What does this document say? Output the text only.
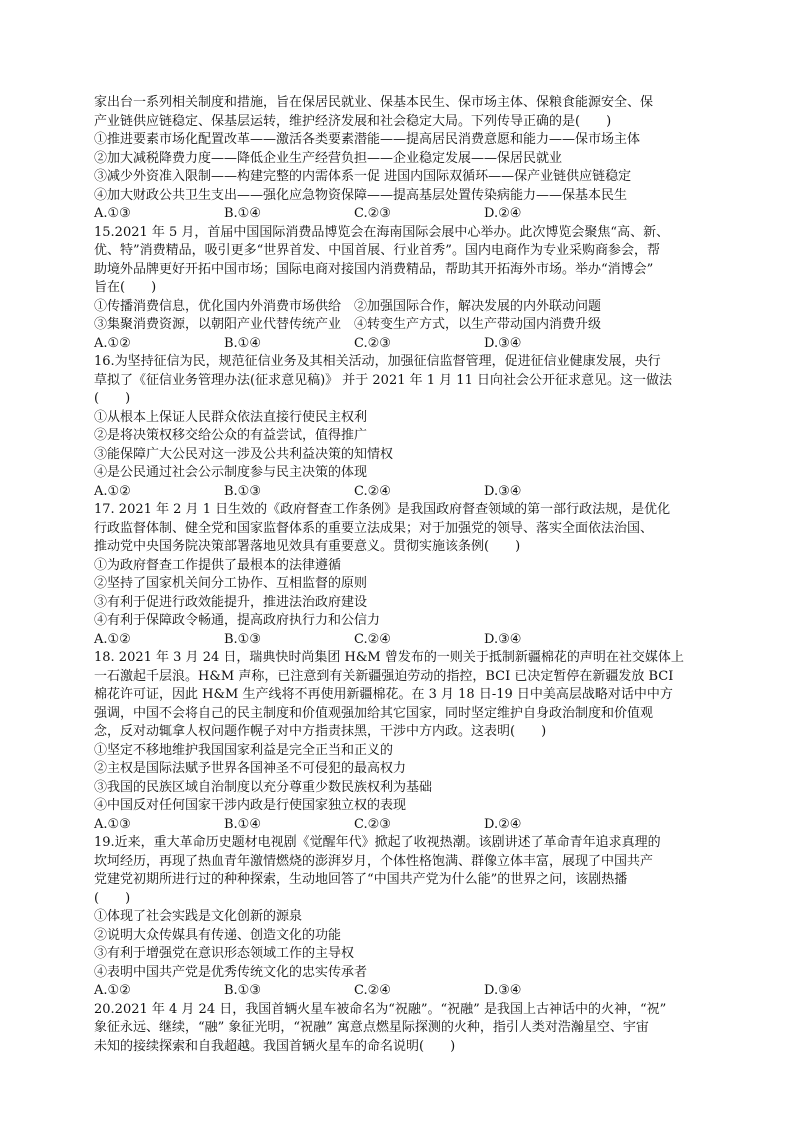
家出台一系列相关制度和措施，旨在保居民就业、保基本民生、保市场主体、保粮食能源安全、保
产业链供应链稳定、保基层运转，维护经济发展和社会稳定大局。下列传导正确的是(　　)
①推进要素市场化配置改革——激活各类要素潜能——提高居民消费意愿和能力——保市场主体
②加大减税降费力度——降低企业生产经营负担——企业稳定发展——保居民就业
③减少外资准入限制——构建完整的内需体系一促 进国内国际双循环——保产业链供应链稳定
④加大财政公共卫生支出——强化应急物资保障——提高基层处置传染病能力——保基本民生
A.①③	B.①④	C.②③	D.②④
15.2021 年 5 月，首届中国国际消费品博览会在海南国际会展中心举办。此次博览会聚焦“高、新、
优、特”消费精品，吸引更多“世界首发、中国首展、行业首秀”。国内电商作为专业采购商参会，帮
助境外品牌更好开拓中国市场；国际电商对接国内消费精品，帮助其开拓海外市场。举办“消博会”
旨在(　　)
①传播消费信息，优化国内外消费市场供给　②加强国际合作，解决发展的内外联动问题
③集聚消费资源，以朝阳产业代替传统产业　④转变生产方式，以生产带动国内消费升级
A.①②	B.①④	C.②③	D.③④
16.为坚持征信为民，规范征信业务及其相关活动，加强征信监督管理，促进征信业健康发展，央行
草拟了《征信业务管理办法(征求意见稿)》 并于 2021 年 1 月 11 日向社会公开征求意见。这一做法
(　　)
①从根本上保证人民群众依法直接行使民主权利
②是将决策权移交给公众的有益尝试，值得推广
③能保障广大公民对这一涉及公共利益决策的知情权
④是公民通过社会公示制度参与民主决策的体现
A.①②	B.①③	C.②④	D.③④
17. 2021 年 2 月 1 日生效的《政府督查工作条例》是我国政府督查领域的第一部行政法规，是优化
行政监督体制、健全党和国家监督体系的重要立法成果；对于加强党的领导、落实全面依法治国、
推动党中央国务院决策部署落地见效具有重要意义。贯彻实施该条例(　　)
①为政府督查工作提供了最根本的法律遵循
②坚持了国家机关间分工协作、互相监督的原则
③有利于促进行政效能提升，推进法治政府建设
④有利于保障政令畅通，提高政府执行力和公信力
A.①②	B.①③	C.②④	D.③④
18. 2021 年 3 月 24 日，瑞典快时尚集团 H&M 曾发布的一则关于抵制新疆棉花的声明在社交媒体上
一石激起千层浪。H&M 声称，已注意到有关新疆强迫劳动的指控，BCI 已决定暂停在新疆发放 BCI
棉花许可证，因此 H&M 生产线将不再使用新疆棉花。在 3 月 18 日-19 日中美高层战略对话中中方
强调，中国不会将自己的民主制度和价值观强加给其它国家，同时坚定维护自身政治制度和价值观
念，反对动辄拿人权问题作幌子对中方指责抹黑，干涉中方内政。这表明(　　)
①坚定不移地维护我国国家利益是完全正当和正义的
②主权是国际法赋予世界各国神圣不可侵犯的最高权力
③我国的民族区域自治制度以充分尊重少数民族权利为基础
④中国反对任何国家干涉内政是行使国家独立权的表现
A.①③	B.①④	C.②③	D.②④
19.近来，重大革命历史题材电视剧《觉醒年代》掀起了收视热潮。该剧讲述了革命青年追求真理的
坎坷经历，再现了热血青年激情燃烧的澎湃岁月，个体性格饱满、群像立体丰富，展现了中国共产
党建党初期所进行过的种种探索，生动地回答了“中国共产党为什么能”的世界之问，该剧热播
(　　)
①体现了社会实践是文化创新的源泉
②说明大众传媒具有传递、创造文化的功能
③有利于增强党在意识形态领域工作的主导权
④表明中国共产党是优秀传统文化的忠实传承者
A.①②	B.①③	C.②④	D.③④
20.2021 年 4 月 24 日，我国首辆火星车被命名为“祝融”。“祝融” 是我国上古神话中的火神，“祝”
象征永远、继续，“融” 象征光明，“祝融” 寓意点燃星际探测的火种，指引人类对浩瀚星空、宇宙
未知的接续探索和自我超越。我国首辆火星车的命名说明(　　)
